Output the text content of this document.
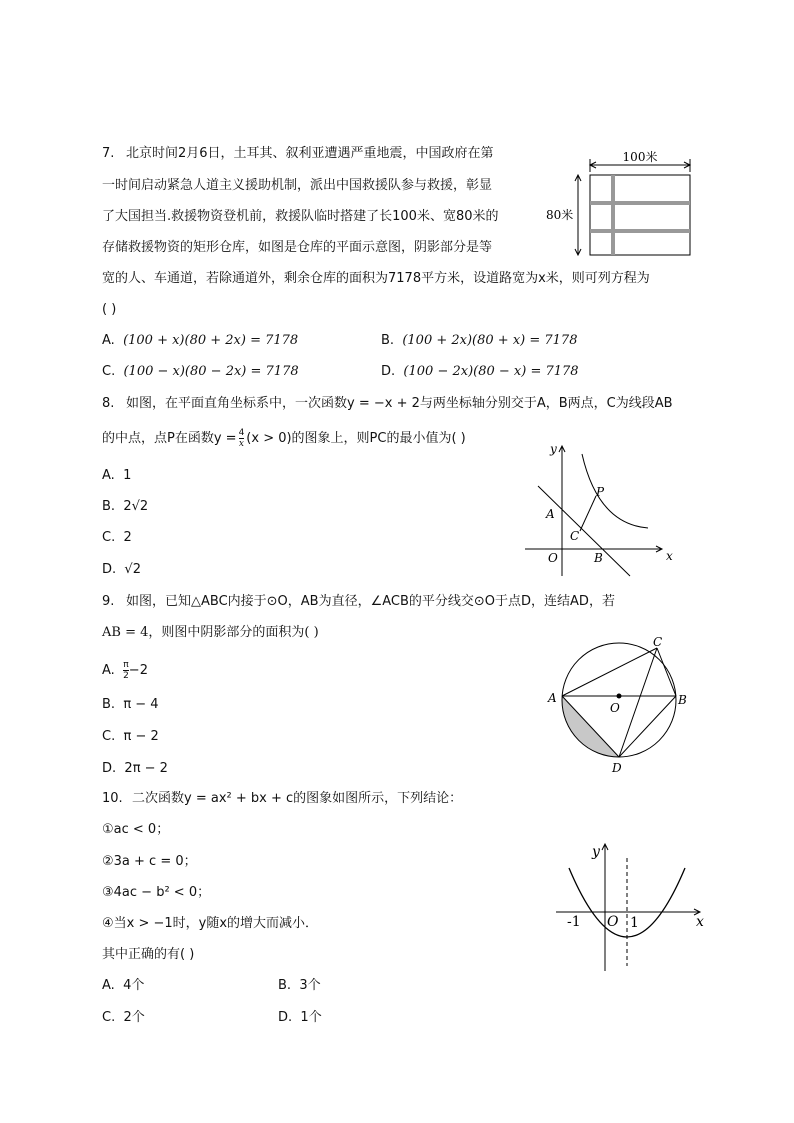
7. 北京时间2月6日，土耳其、叙利亚遭遇严重地震，中国政府在第
一时间启动紧急人道主义援助机制，派出中国救援队参与救援，彰显
了大国担当.救援物资登机前，救援队临时搭建了长100米、宽80米的
存储救援物资的矩形仓库，如图是仓库的平面示意图，阴影部分是等
宽的人、车通道，若除通道外，剩余仓库的面积为7178平方米，设道路宽为x米，则可列方程为
( )
A. (100 + x)(80 + 2x) = 7178	B. (100 + 2x)(80 + x) = 7178
C. (100 − x)(80 − 2x) = 7178	D. (100 − 2x)(80 − x) = 7178
100米
80米
8. 如图，在平面直角坐标系中，一次函数y = −x + 2与两坐标轴分别交于A，B两点，C为线段AB
的中点，点P在函数$y = \frac{4}{x} (x > 0)$的图象上，则PC的最小值为( )
A. 1
B. 2√2
C. 2
D. √2
x
y
O
A
B
C
P
9. 如图，已知△ABC内接于⊙O，AB为直径，∠ACB的平分线交⊙O于点D，连结AD，若
AB = 4，则图中阴影部分的面积为( )
A. $\frac{\pi}{2} -2$
B. π − 4
C. π − 2
D. 2π − 2
A	B
C
D
O
10. 二次函数y = ax² + bx + c的图象如图所示，下列结论：
①ac < 0；
②3a + c = 0；
③4ac − b² < 0；
④当x > −1时，y随x的增大而减小．
其中正确的有( )
A. 4个	B. 3个
C. 2个	D. 1个
y
x
O
-1	1
